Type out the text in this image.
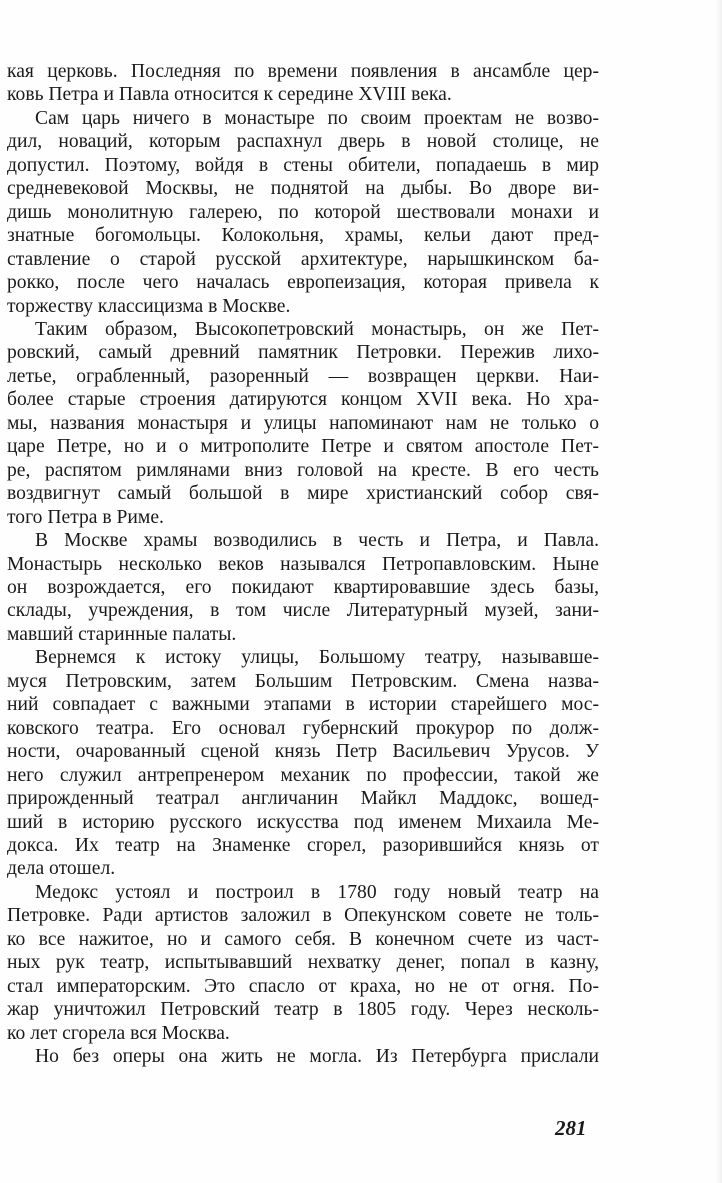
кая церковь. Последняя по времени появления в ансамбле цер-
ковь Петра и Павла относится к середине XVIII века.

Сам царь ничего в монастыре по своим проектам не возво-
дил, новаций, которым распахнул дверь в новой столице, не
допустил. Поэтому, войдя в стены обители, попадаешь в мир
средневековой Москвы, не поднятой на дыбы. Во дворе ви-
дишь монолитную галерею, по которой шествовали монахи и
знатные богомольцы. Колокольня, храмы, кельи дают пред-
ставление о старой русской архитектуре, нарышкинском ба-
рокко, после чего началась европеизация, которая привела к
торжеству классицизма в Москве.

Таким образом, Высокопетровский монастырь, он же Пет-
ровский, самый древний памятник Петровки. Пережив лихо-
летье, ограбленный, разоренный — возвращен церкви. Наи-
более старые строения датируются концом XVII века. Но хра-
мы, названия монастыря и улицы напоминают нам не только о
царе Петре, но и о митрополите Петре и святом апостоле Пет-
ре, распятом римлянами вниз головой на кресте. В его честь
воздвигнут самый большой в мире христианский собор свя-
того Петра в Риме.

В Москве храмы возводились в честь и Петра, и Павла.
Монастырь несколько веков назывался Петропавловским. Ныне
он возрождается, его покидают квартировавшие здесь базы,
склады, учреждения, в том числе Литературный музей, зани-
мавший старинные палаты.

Вернемся к истоку улицы, Большому театру, называвше-
муся Петровским, затем Большим Петровским. Смена назва-
ний совпадает с важными этапами в истории старейшего мос-
ковского театра. Его основал губернский прокурор по долж-
ности, очарованный сценой князь Петр Васильевич Урусов. У
него служил антрепренером механик по профессии, такой же
прирожденный театрал англичанин Майкл Маддокс, вошед-
ший в историю русского искусства под именем Михаила Ме-
докса. Их театр на Знаменке сгорел, разорившийся князь от
дела отошел.

Медокс устоял и построил в 1780 году новый театр на
Петровке. Ради артистов заложил в Опекунском совете не толь-
ко все нажитое, но и самого себя. В конечном счете из част-
ных рук театр, испытывавший нехватку денег, попал в казну,
стал императорским. Это спасло от краха, но не от огня. По-
жар уничтожил Петровский театр в 1805 году. Через несколь-
ко лет сгорела вся Москва.

Но без оперы она жить не могла. Из Петербурга прислали

281
